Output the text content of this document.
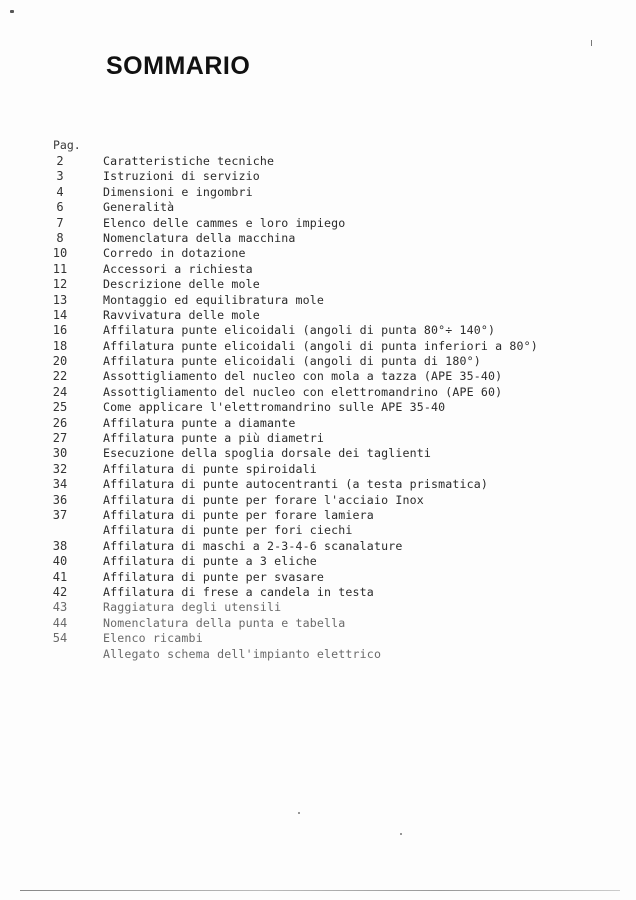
SOMMARIO
Pag.
2	Caratteristiche tecniche
3	Istruzioni di servizio
4	Dimensioni e ingombri
6	Generalità
7	Elenco delle cammes e loro impiego
8	Nomenclatura della macchina
10	Corredo in dotazione
11	Accessori a richiesta
12	Descrizione delle mole
13	Montaggio ed equilibratura mole
14	Ravvivatura delle mole
16	Affilatura punte elicoidali (angoli di punta 80°÷ 140°)
18	Affilatura punte elicoidali (angoli di punta inferiori a 80°)
20	Affilatura punte elicoidali (angoli di punta di 180°)
22	Assottigliamento del nucleo con mola a tazza (APE 35-40)
24	Assottigliamento del nucleo con elettromandrino (APE 60)
25	Come applicare l'elettromandrino sulle APE 35-40
26	Affilatura punte a diamante
27	Affilatura punte a più diametri
30	Esecuzione della spoglia dorsale dei taglienti
32	Affilatura di punte spiroidali
34	Affilatura di punte autocentranti (a testa prismatica)
36	Affilatura di punte per forare l'acciaio Inox
37	Affilatura di punte per forare lamiera
Affilatura di punte per fori ciechi
38	Affilatura di maschi a 2-3-4-6 scanalature
40	Affilatura di punte a 3 eliche
41	Affilatura di punte per svasare
42	Affilatura di frese a candela in testa
43	Raggiatura degli utensili
44	Nomenclatura della punta e tabella
54	Elenco ricambi
Allegato schema dell'impianto elettrico
